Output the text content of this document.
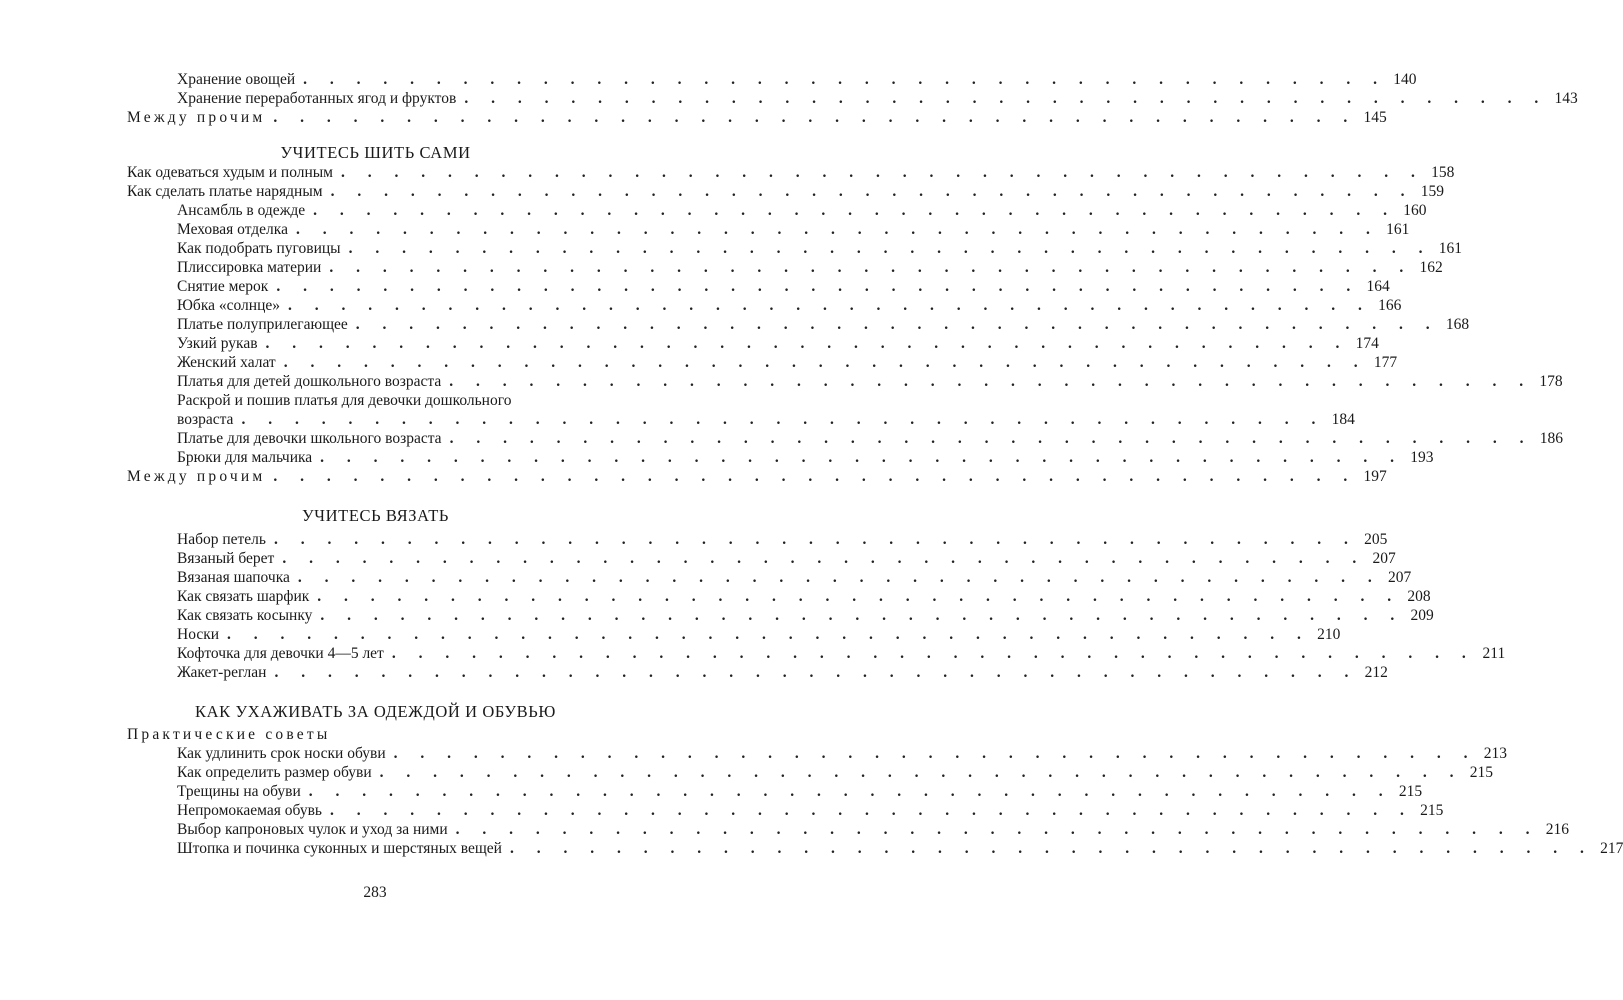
Хранение овощей . . . . . . . . . . . . . . . . . . . . . . . . . . . . . . . . . . . . . . . . . 140
Хранение переработанных ягод и фруктов . . . . . . . . . . . . . . . . . . . . . . . . . . . . . . . . . . . . . . . . . 143
Между прочим . . . . . . . . . . . . . . . . . . . . . . . . . . . . . . . . . . . . . . . . . 145
УЧИТЕСЬ ШИТЬ САМИ
Как одеваться худым и полным . . . . . . . . . . . . . . . . . . . . . . . . . . . . . . . . . . . . . . . . . 158
Как сделать платье нарядным . . . . . . . . . . . . . . . . . . . . . . . . . . . . . . . . . . . . . . . . . 159
Ансамбль в одежде . . . . . . . . . . . . . . . . . . . . . . . . . . . . . . . . . . . . . . . . . 160
Меховая отделка . . . . . . . . . . . . . . . . . . . . . . . . . . . . . . . . . . . . . . . . . 161
Как подобрать пуговицы . . . . . . . . . . . . . . . . . . . . . . . . . . . . . . . . . . . . . . . . . 161
Плиссировка материи . . . . . . . . . . . . . . . . . . . . . . . . . . . . . . . . . . . . . . . . . 162
Снятие мерок . . . . . . . . . . . . . . . . . . . . . . . . . . . . . . . . . . . . . . . . . 164
Юбка «солнце» . . . . . . . . . . . . . . . . . . . . . . . . . . . . . . . . . . . . . . . . . 166
Платье полуприлегающее . . . . . . . . . . . . . . . . . . . . . . . . . . . . . . . . . . . . . . . . . 168
Узкий рукав . . . . . . . . . . . . . . . . . . . . . . . . . . . . . . . . . . . . . . . . . 174
Женский халат . . . . . . . . . . . . . . . . . . . . . . . . . . . . . . . . . . . . . . . . . 177
Платья для детей дошкольного возраста . . . . . . . . . . . . . . . . . . . . . . . . . . . . . . . . . . . . . . . . . 178
Раскрой и пошив платья для девочки дошкольного
возраста . . . . . . . . . . . . . . . . . . . . . . . . . . . . . . . . . . . . . . . . . 184
Платье для девочки школьного возраста . . . . . . . . . . . . . . . . . . . . . . . . . . . . . . . . . . . . . . . . . 186
Брюки для мальчика . . . . . . . . . . . . . . . . . . . . . . . . . . . . . . . . . . . . . . . . . 193
Между прочим . . . . . . . . . . . . . . . . . . . . . . . . . . . . . . . . . . . . . . . . . 197
УЧИТЕСЬ ВЯЗАТЬ
Набор петель . . . . . . . . . . . . . . . . . . . . . . . . . . . . . . . . . . . . . . . . . 205
Вязаный берет . . . . . . . . . . . . . . . . . . . . . . . . . . . . . . . . . . . . . . . . . 207
Вязаная шапочка . . . . . . . . . . . . . . . . . . . . . . . . . . . . . . . . . . . . . . . . . 207
Как связать шарфик . . . . . . . . . . . . . . . . . . . . . . . . . . . . . . . . . . . . . . . . . 208
Как связать косынку . . . . . . . . . . . . . . . . . . . . . . . . . . . . . . . . . . . . . . . . . 209
Носки . . . . . . . . . . . . . . . . . . . . . . . . . . . . . . . . . . . . . . . . . 210
Кофточка для девочки 4—5 лет . . . . . . . . . . . . . . . . . . . . . . . . . . . . . . . . . . . . . . . . . 211
Жакет-реглан . . . . . . . . . . . . . . . . . . . . . . . . . . . . . . . . . . . . . . . . . 212
КАК УХАЖИВАТЬ ЗА ОДЕЖДОЙ И ОБУВЬЮ
Практические советы
Как удлинить срок носки обуви . . . . . . . . . . . . . . . . . . . . . . . . . . . . . . . . . . . . . . . . . 213
Как определить размер обуви . . . . . . . . . . . . . . . . . . . . . . . . . . . . . . . . . . . . . . . . . 215
Трещины на обуви . . . . . . . . . . . . . . . . . . . . . . . . . . . . . . . . . . . . . . . . . 215
Непромокаемая обувь . . . . . . . . . . . . . . . . . . . . . . . . . . . . . . . . . . . . . . . . . 215
Выбор капроновых чулок и уход за ними . . . . . . . . . . . . . . . . . . . . . . . . . . . . . . . . . . . . . . . . . 216
Штопка и починка суконных и шерстяных вещей . . . . . . . . . . . . . . . . . . . . . . . . . . . . . . . . . . . . . . . . . 217
283
